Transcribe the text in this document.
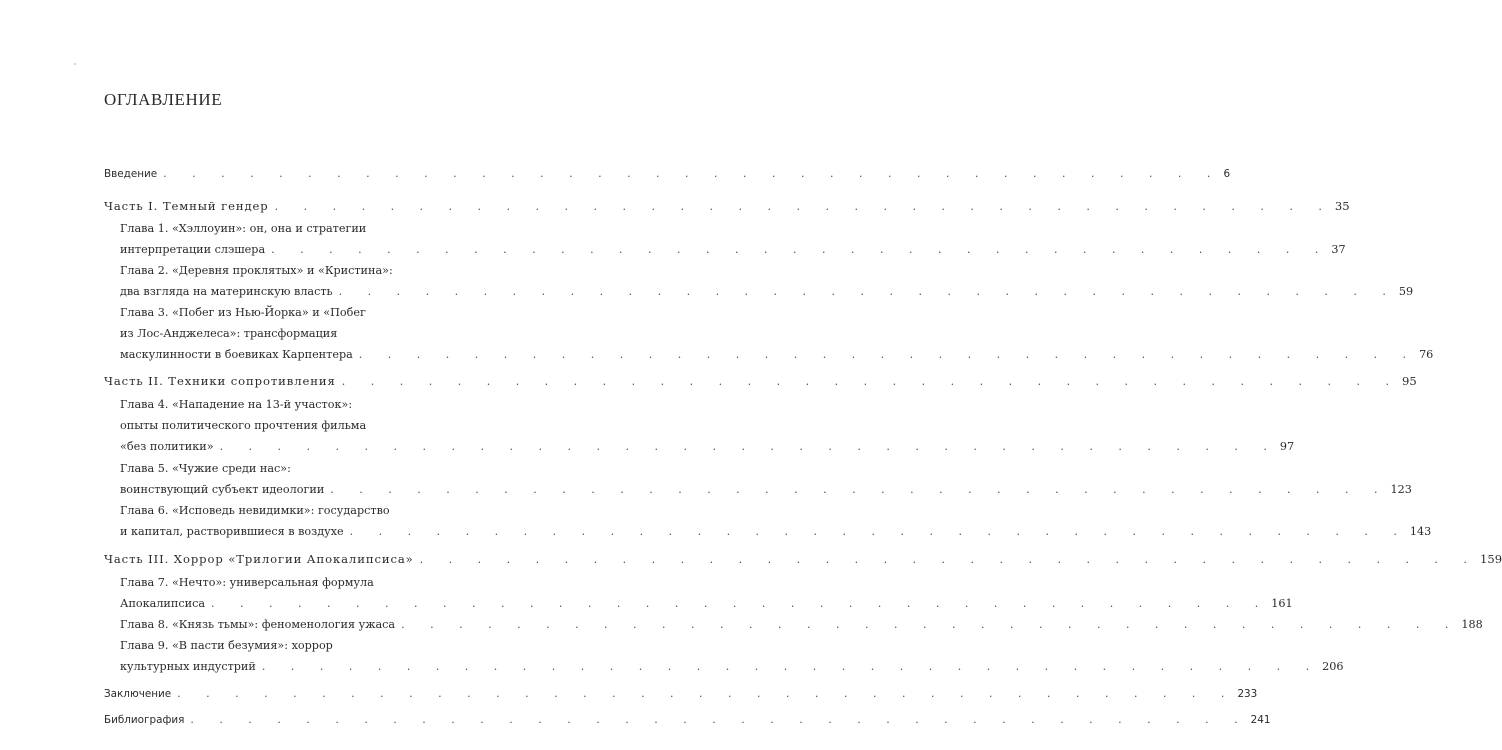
ОГЛАВЛЕНИЕ
Введение . . . . . . . . . . . . . . . . . . . . . . . . . . . . . . . . . . . . . 6
Часть I. Темный гендер . . . . . . . . . . . . . . . . . . . . . . . . . . . . . . . . . . . . . 35
Глава 1. «Хэллоуин»: он, она и стратегии
интерпретации слэшера . . . . . . . . . . . . . . . . . . . . . . . . . . . . . . . . . . . . . 37
Глава 2. «Деревня проклятых» и «Кристина»:
два взгляда на материнскую власть . . . . . . . . . . . . . . . . . . . . . . . . . . . . . . . . . . . . . 59
Глава 3. «Побег из Нью-Йорка» и «Побег
из Лос-Анджелеса»: трансформация
маскулинности в боевиках Карпентера . . . . . . . . . . . . . . . . . . . . . . . . . . . . . . . . . . . . . 76
Часть II. Техники сопротивления . . . . . . . . . . . . . . . . . . . . . . . . . . . . . . . . . . . . . 95
Глава 4. «Нападение на 13-й участок»:
опыты политического прочтения фильма
«без политики» . . . . . . . . . . . . . . . . . . . . . . . . . . . . . . . . . . . . . 97
Глава 5. «Чужие среди нас»:
воинствующий субъект идеологии . . . . . . . . . . . . . . . . . . . . . . . . . . . . . . . . . . . . . 123
Глава 6. «Исповедь невидимки»: государство
и капитал, растворившиеся в воздухе . . . . . . . . . . . . . . . . . . . . . . . . . . . . . . . . . . . . . 143
Часть III. Хоррор «Трилогии Апокалипсиса» . . . . . . . . . . . . . . . . . . . . . . . . . . . . . . . . . . . . . 159
Глава 7. «Нечто»: универсальная формула
Апокалипсиса . . . . . . . . . . . . . . . . . . . . . . . . . . . . . . . . . . . . . 161
Глава 8. «Князь тьмы»: феноменология ужаса . . . . . . . . . . . . . . . . . . . . . . . . . . . . . . . . . . . . . 188
Глава 9. «В пасти безумия»: хоррор
культурных индустрий . . . . . . . . . . . . . . . . . . . . . . . . . . . . . . . . . . . . . 206
Заключение . . . . . . . . . . . . . . . . . . . . . . . . . . . . . . . . . . . . . 233
Библиография . . . . . . . . . . . . . . . . . . . . . . . . . . . . . . . . . . . . . 241
